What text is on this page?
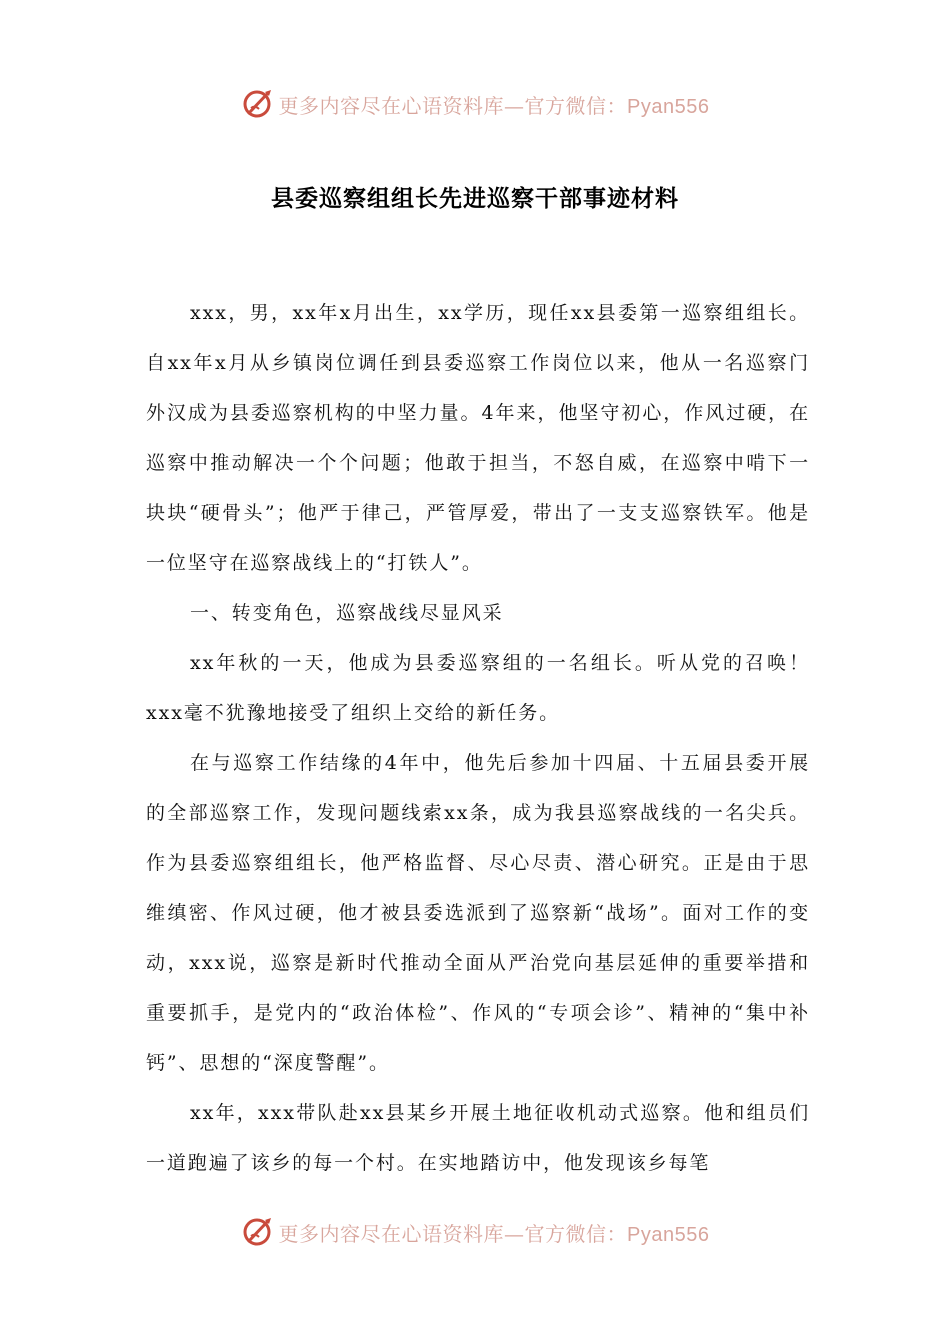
更多内容尽在心语资料库—官方微信：Pyan556
县委巡察组组长先进巡察干部事迹材料

xxx，男，xx年x月出生，xx学历，现任xx县委第一巡察组组长。自xx年x月从乡镇岗位调任到县委巡察工作岗位以来，他从一名巡察门外汉成为县委巡察机构的中坚力量。4年来，他坚守初心，作风过硬，在巡察中推动解决一个个问题；他敢于担当，不怒自威，在巡察中啃下一块块“硬骨头”；他严于律己，严管厚爱，带出了一支支巡察铁军。他是一位坚守在巡察战线上的“打铁人”。

一、转变角色，巡察战线尽显风采

xx年秋的一天，他成为县委巡察组的一名组长。听从党的召唤！xxx毫不犹豫地接受了组织上交给的新任务。

在与巡察工作结缘的4年中，他先后参加十四届、十五届县委开展的全部巡察工作，发现问题线索xx条，成为我县巡察战线的一名尖兵。作为县委巡察组组长，他严格监督、尽心尽责、潜心研究。正是由于思维缜密、作风过硬，他才被县委选派到了巡察新“战场”。面对工作的变动，xxx说，巡察是新时代推动全面从严治党向基层延伸的重要举措和重要抓手，是党内的“政治体检”、作风的“专项会诊”、精神的“集中补钙”、思想的“深度警醒”。

xx年，xxx带队赴xx县某乡开展土地征收机动式巡察。他和组员们一道跑遍了该乡的每一个村。在实地踏访中，他发现该乡每笔

更多内容尽在心语资料库—官方微信：Pyan556
